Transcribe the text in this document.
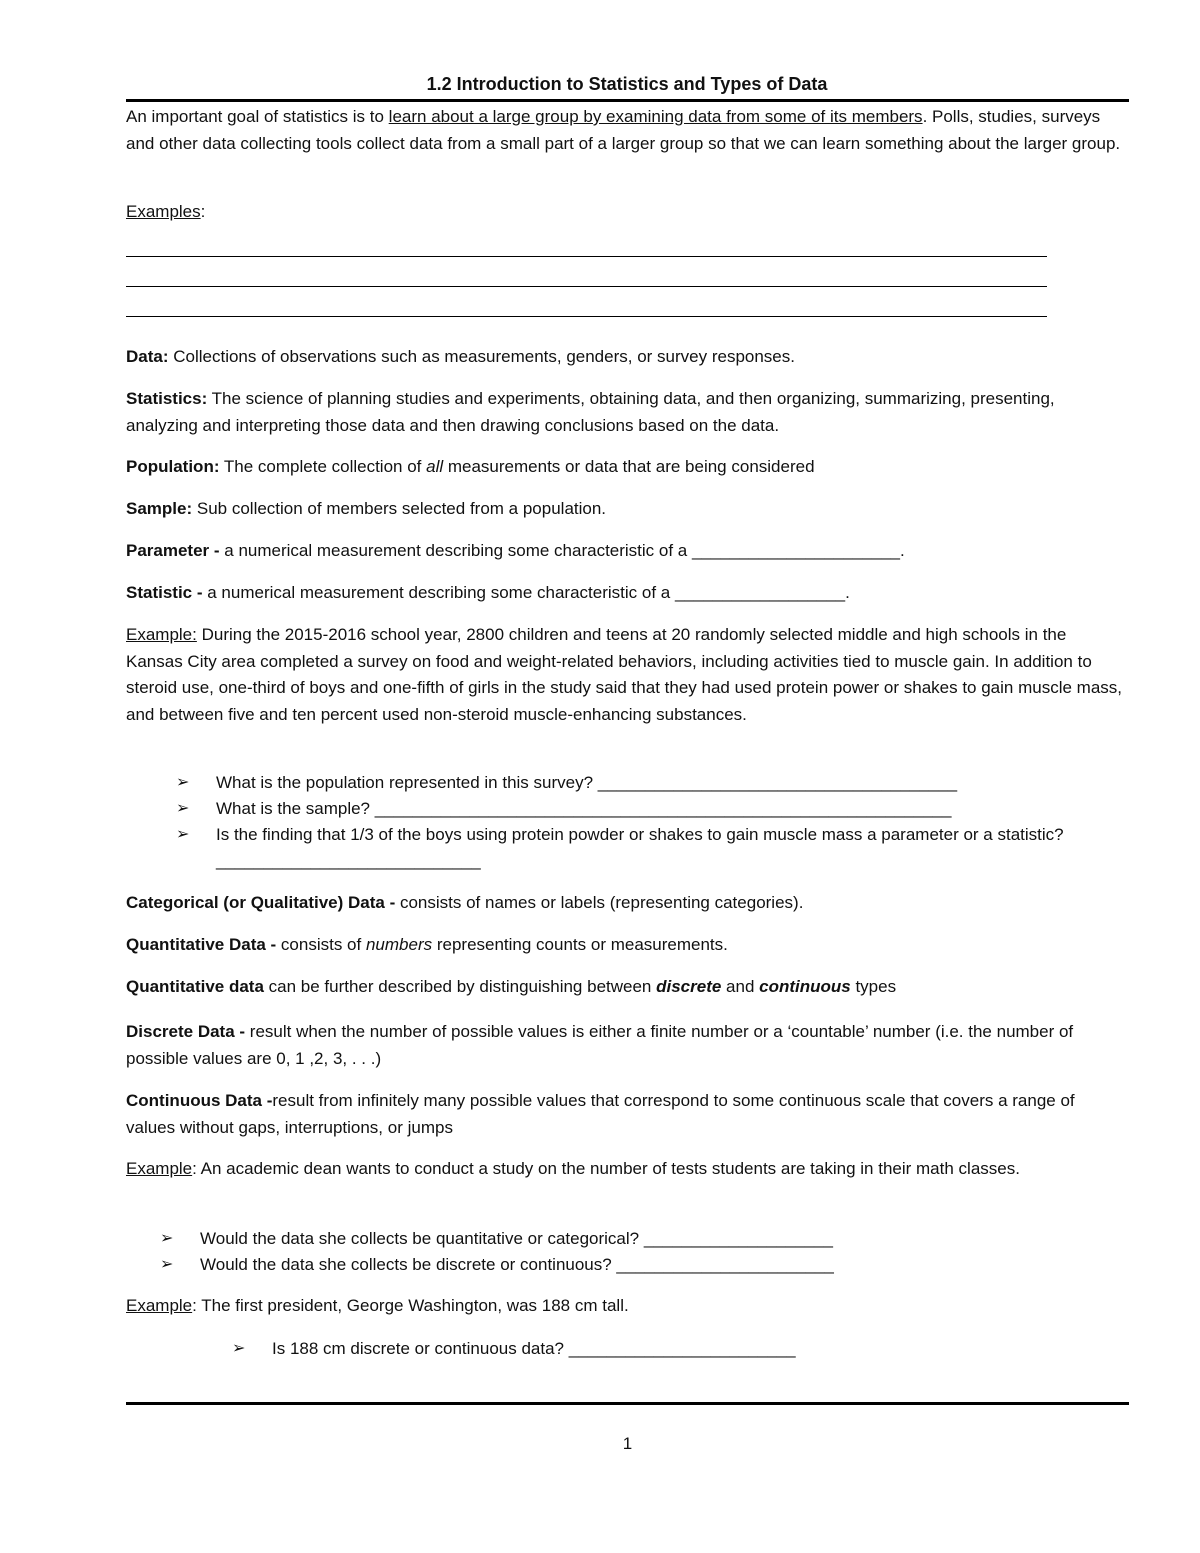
1.2 Introduction to Statistics and Types of Data

An important goal of statistics is to learn about a large group by examining data from some of its members. Polls, studies, surveys and other data collecting tools collect data from a small part of a larger group so that we can learn something about the larger group.

Examples:

Data: Collections of observations such as measurements, genders, or survey responses.

Statistics: The science of planning studies and experiments, obtaining data, and then organizing, summarizing, presenting, analyzing and interpreting those data and then drawing conclusions based on the data.

Population: The complete collection of all measurements or data that are being considered

Sample: Sub collection of members selected from a population.

Parameter - a numerical measurement describing some characteristic of a ______________________.

Statistic - a numerical measurement describing some characteristic of a __________________.

Example: During the 2015-2016 school year, 2800 children and teens at 20 randomly selected middle and high schools in the Kansas City area completed a survey on food and weight-related behaviors, including activities tied to muscle gain. In addition to steroid use, one-third of boys and one-fifth of girls in the study said that they had used protein power or shakes to gain muscle mass, and between five and ten percent used non-steroid muscle-enhancing substances.

➢ What is the population represented in this survey? ______________________________________
➢ What is the sample? _____________________________________________________________
➢ Is the finding that 1/3 of the boys using protein powder or shakes to gain muscle mass a parameter or a statistic? ____________________________

Categorical (or Qualitative) Data - consists of names or labels (representing categories).

Quantitative Data - consists of numbers representing counts or measurements.

Quantitative data can be further described by distinguishing between discrete and continuous types

Discrete Data - result when the number of possible values is either a finite number or a ‘countable’ number (i.e. the number of possible values are 0, 1 ,2, 3, . . .)

Continuous Data -result from infinitely many possible values that correspond to some continuous scale that covers a range of values without gaps, interruptions, or jumps

Example: An academic dean wants to conduct a study on the number of tests students are taking in their math classes.

➢ Would the data she collects be quantitative or categorical? ____________________
➢ Would the data she collects be discrete or continuous? _______________________

Example: The first president, George Washington, was 188 cm tall.

➢ Is 188 cm discrete or continuous data? ________________________
1
